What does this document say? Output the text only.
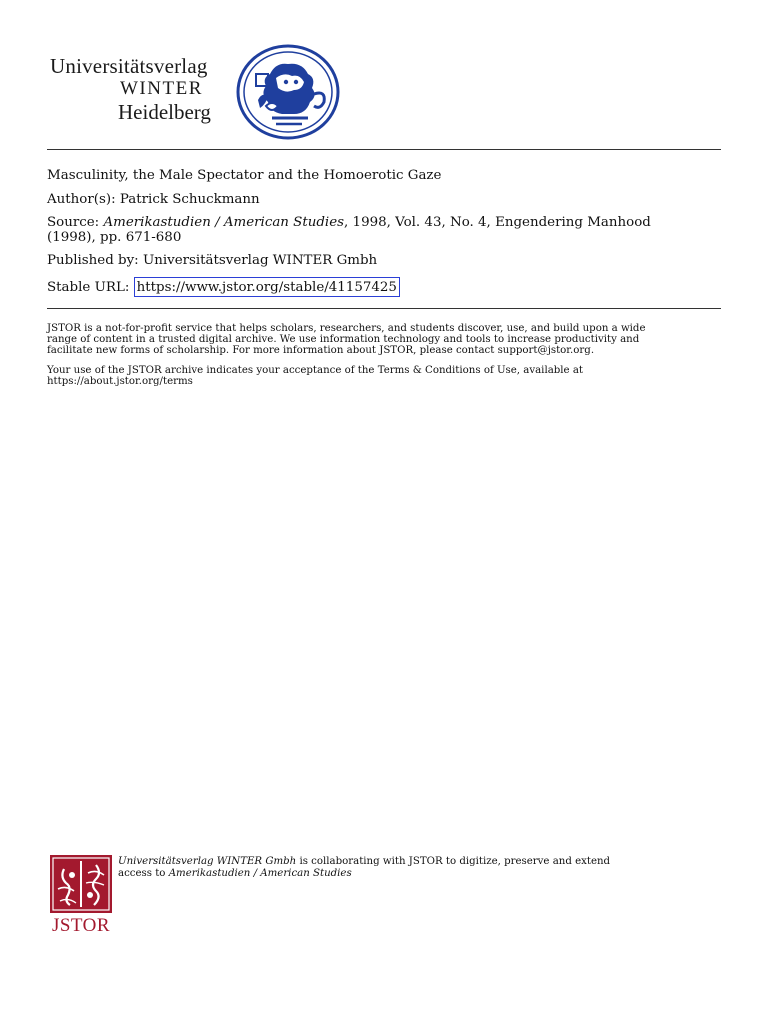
Universitätsverlag
WINTER
Heidelberg
Masculinity, the Male Spectator and the Homoerotic Gaze
Author(s): Patrick Schuckmann
Source: Amerikastudien / American Studies, 1998, Vol. 43, No. 4, Engendering Manhood
(1998), pp. 671-680
Published by: Universitätsverlag WINTER Gmbh
Stable URL: https://www.jstor.org/stable/41157425
JSTOR is a not-for-profit service that helps scholars, researchers, and students discover, use, and build upon a wide
range of content in a trusted digital archive. We use information technology and tools to increase productivity and
facilitate new forms of scholarship. For more information about JSTOR, please contact support@jstor.org.
Your use of the JSTOR archive indicates your acceptance of the Terms & Conditions of Use, available at
https://about.jstor.org/terms
JSTOR
Universitätsverlag WINTER Gmbh is collaborating with JSTOR to digitize, preserve and extend
access to Amerikastudien / American Studies
